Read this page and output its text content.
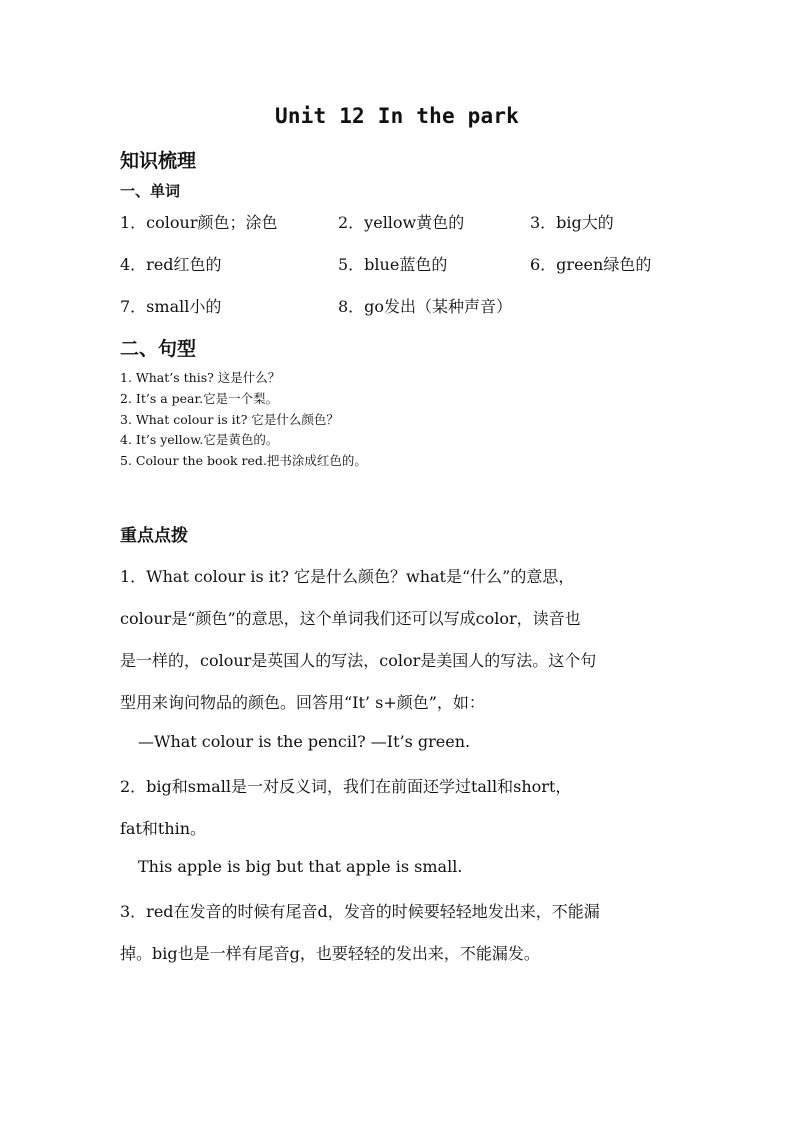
Unit 12 In the park
知识梳理
一、单词
1．colour颜色；涂色	2．yellow黄色的	3．big大的
4．red红色的	5．blue蓝色的	6．green绿色的
7．small小的	8．go发出（某种声音）
二、句型
1. What’s this? 这是什么？
2. It’s a pear.它是一个梨。
3. What colour is it? 它是什么颜色？
4. It’s yellow.它是黄色的。
5. Colour the book red.把书涂成红色的。
重点点拨
1．What colour is it? 它是什么颜色？what是“什么”的意思，
colour是“颜色”的意思，这个单词我们还可以写成color，读音也
是一样的，colour是英国人的写法，color是美国人的写法。这个句
型用来询问物品的颜色。回答用“It’ s+颜色”，如：
—What colour is the pencil? —It’s green.
2．big和small是一对反义词，我们在前面还学过tall和short，
fat和thin。
This apple is big but that apple is small.
3．red在发音的时候有尾音d，发音的时候要轻轻地发出来，不能漏
掉。big也是一样有尾音g，也要轻轻的发出来，不能漏发。
